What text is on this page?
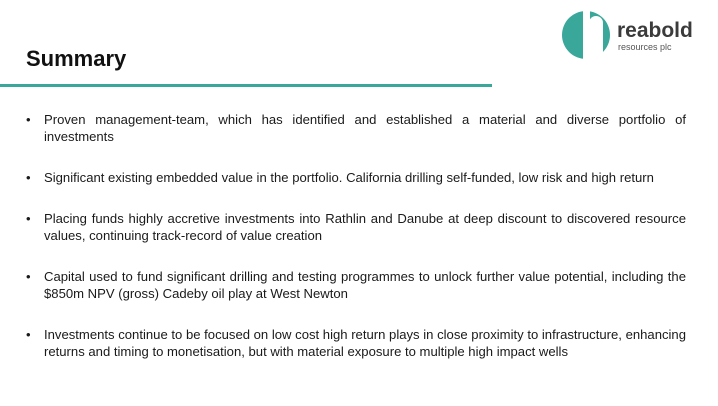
Summary
reabold
resources plc
• Proven management-team, which has identified and established a material and diverse portfolio of investments
• Significant existing embedded value in the portfolio. California drilling self-funded, low risk and high return
• Placing funds highly accretive investments into Rathlin and Danube at deep discount to discovered resource values, continuing track-record of value creation
• Capital used to fund significant drilling and testing programmes to unlock further value potential, including the $850m NPV (gross) Cadeby oil play at West Newton
• Investments continue to be focused on low cost high return plays in close proximity to infrastructure, enhancing returns and timing to monetisation, but with material exposure to multiple high impact wells
